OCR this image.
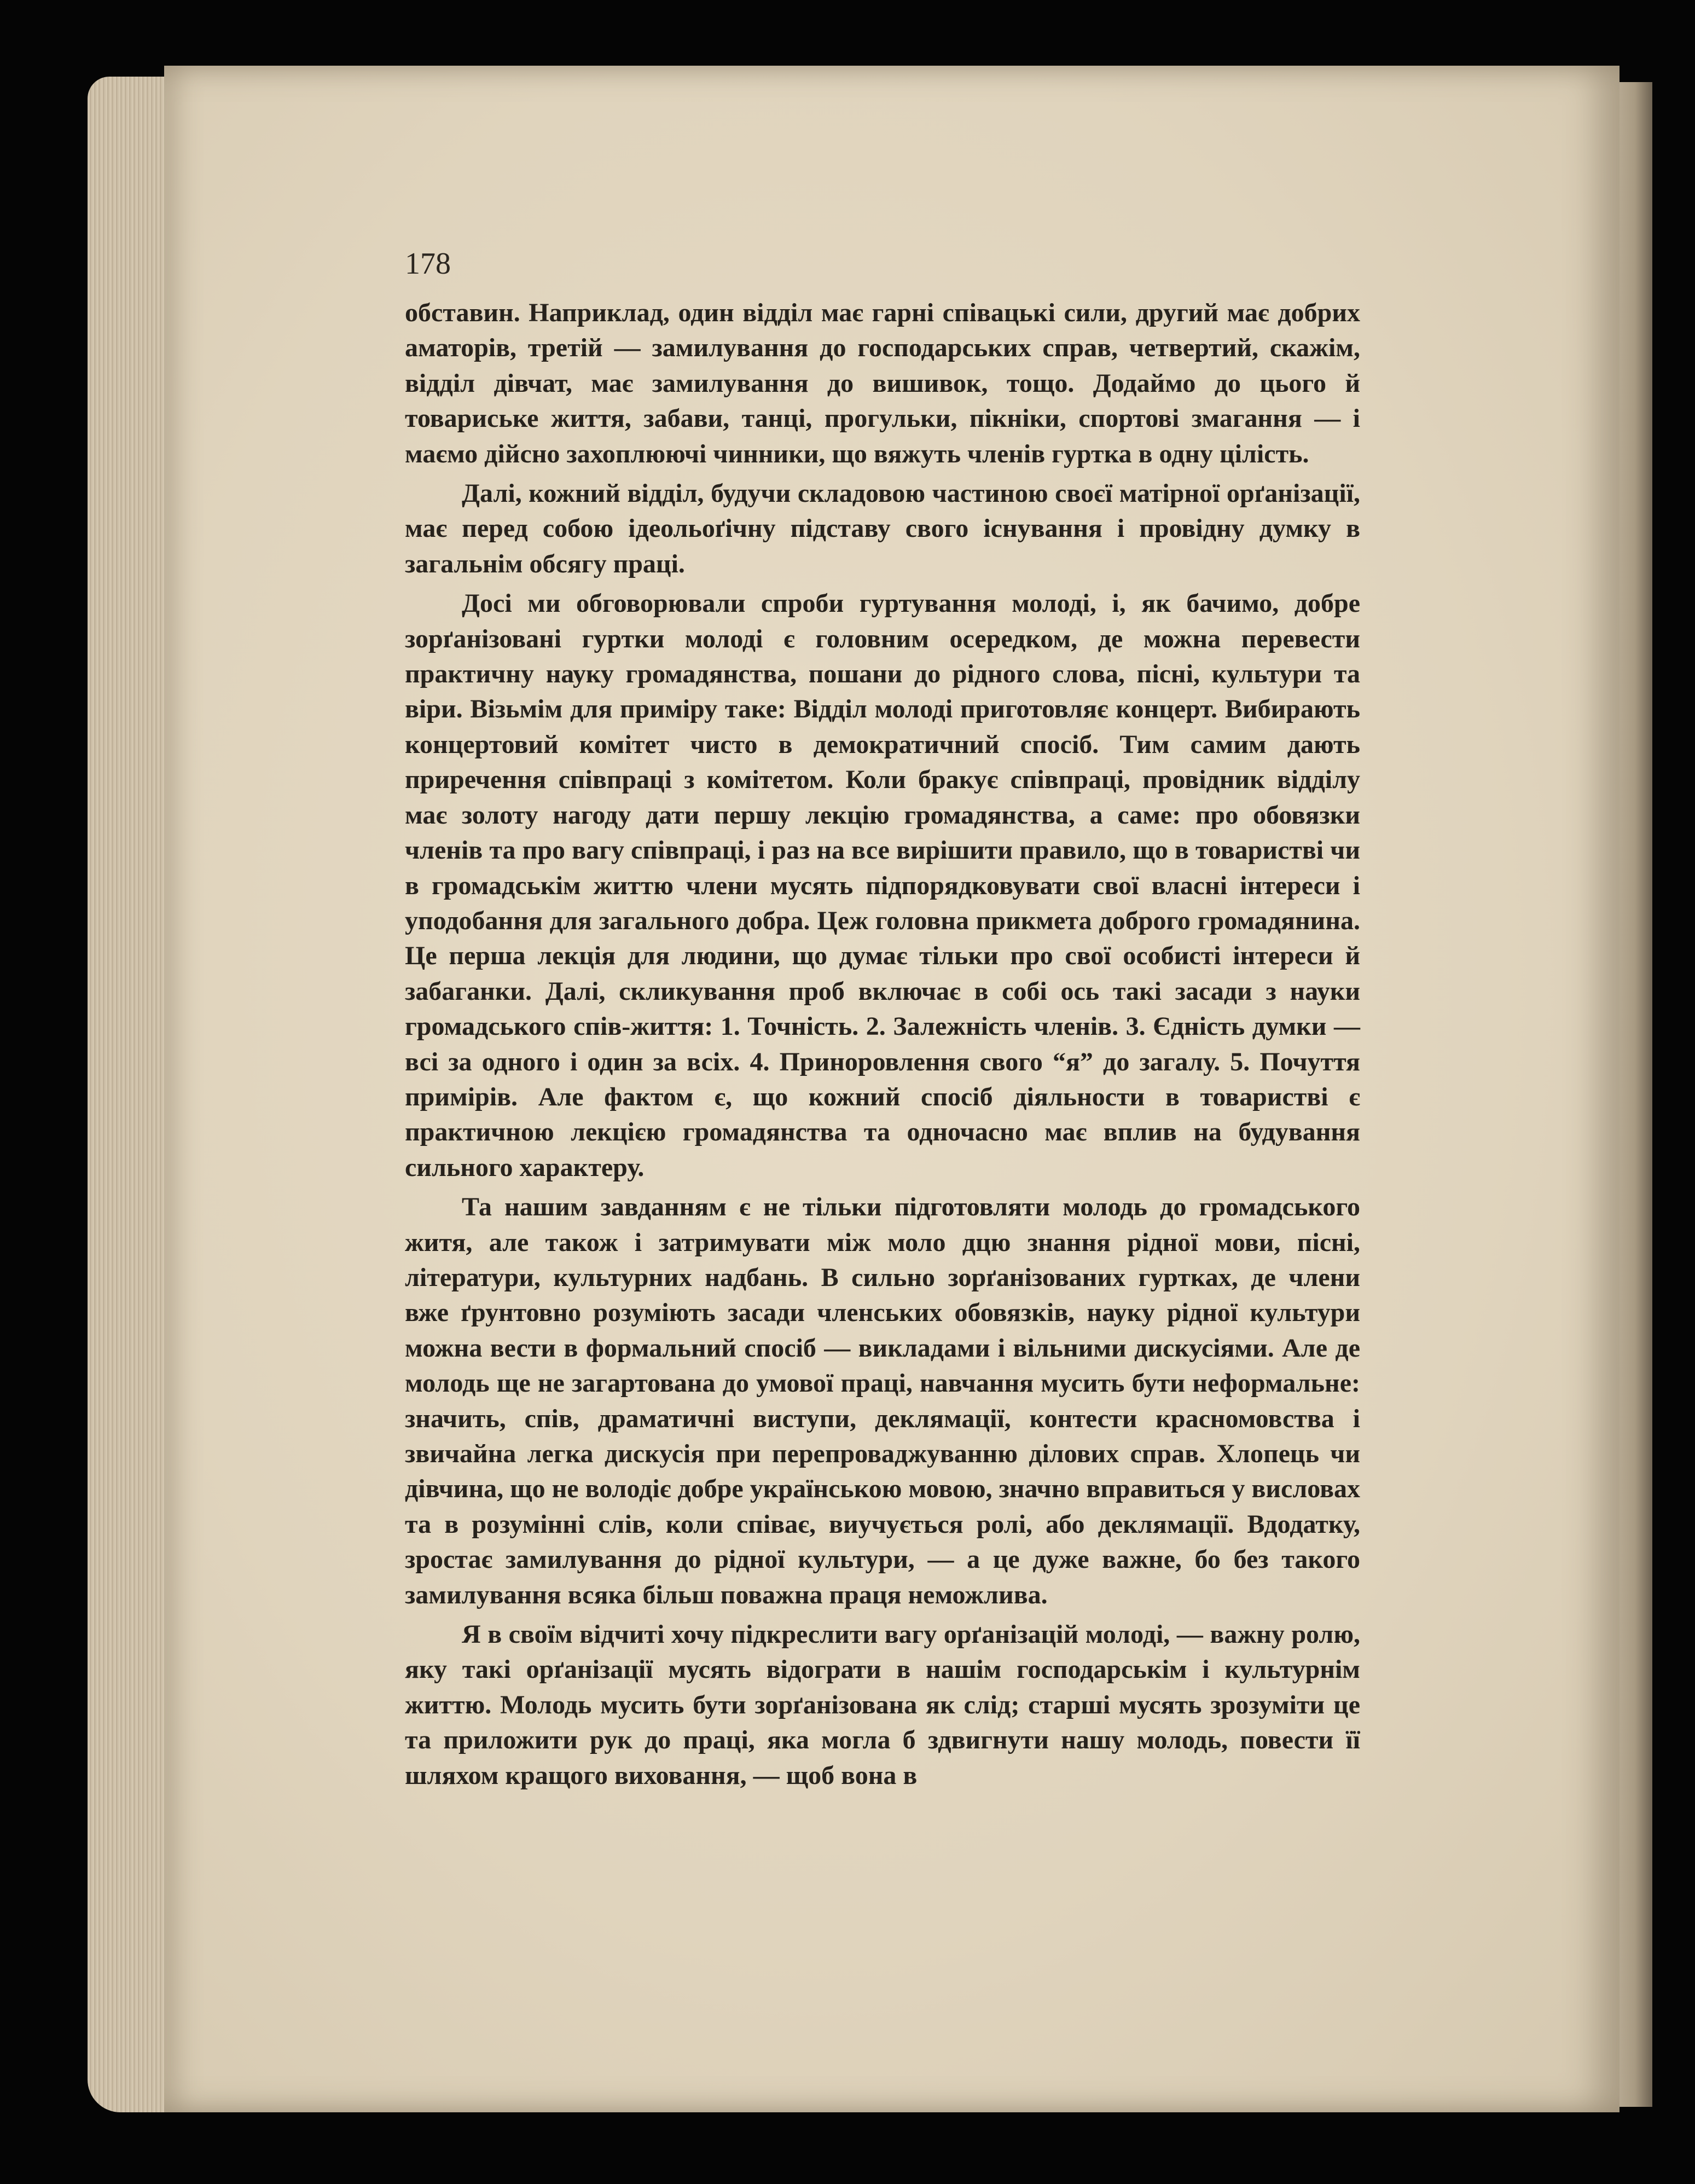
178

обставин. Наприклад, один відділ має гарні співацькі сили, другий має добрих аматорів, третій — замилування до господарських справ, четвертий, скажім, відділ дівчат, має замилування до вишивок, тощо. Додаймо до цього й товариське життя, забави, танці, прогульки, пікніки, спортові змагання — і маємо дійсно захоплюючі чинники, що вяжуть членів гуртка в одну цілість.

Далі, кожний відділ, будучи складовою частиною своєї матірної орґанізації, має перед собою ідеольоґічну підставу свого існування і провідну думку в загальнім обсягу праці.

Досі ми обговорювали спроби гуртування молоді, і, як бачимо, добре зорґанізовані гуртки молоді є головним осередком, де можна перевести практичну науку громадянства, пошани до рідного слова, пісні, культури та віри. Візьмім для приміру таке: Відділ молоді приготовляє концерт. Вибирають концертовий комітет чисто в демократичний спосіб. Тим самим дають приречення співпраці з комітетом. Коли бракує співпраці, провідник відділу має золоту нагоду дати першу лекцію громадянства, а саме: про обовязки членів та про вагу співпраці, і раз на все вирішити правило, що в товаристві чи в громадськім життю члени мусять підпорядковувати свої власні інтереси і уподобання для загального добра. Цеж головна прикмета доброго громадянина. Це перша лекція для людини, що думає тільки про свої особисті інтереси й забаганки. Далі, скликування проб включає в собі ось такі засади з науки громадського спів-життя: 1. Точність. 2. Залежність членів. 3. Єдність думки — всі за одного і один за всіх. 4. Приноровлення свого “я” до загалу. 5. Почуття примірів. Але фактом є, що кожний спосіб діяльности в товаристві є практичною лекцією громадянства та одночасно має вплив на будування сильного характеру.

Та нашим завданням є не тільки підготовляти молодь до громадського житя, але також і затримувати між моло дцю знання рідної мови, пісні, літератури, культурних надбань. В сильно зорґанізованих гуртках, де члени вже ґрунтовно розуміють засади членських обовязків, науку рідної культури можна вести в формальний спосіб — викладами і вільними дискусіями. Але де молодь ще не загартована до умової праці, навчання мусить бути неформальне: значить, спів, драматичні виступи, деклямації, контести красномовства і звичайна легка дискусія при перепроваджуванню ділових справ. Хлопець чи дівчина, що не володіє добре українською мовою, значно вправиться у висловах та в розумінні слів, коли співає, виучується ролі, або деклямації. Вдодатку, зростає замилування до рідної культури, — а це дуже важне, бо без такого замилування всяка більш поважна праця неможлива.

Я в своїм відчиті хочу підкреслити вагу орґанізацій молоді, — важну ролю, яку такі орґанізації мусять відограти в нашім господарськім і культурнім життю. Молодь мусить бути зорґанізована як слід; старші мусять зрозуміти це та приложити рук до праці, яка могла б здвигнути нашу молодь, повести її шляхом кращого виховання, — щоб вона в
